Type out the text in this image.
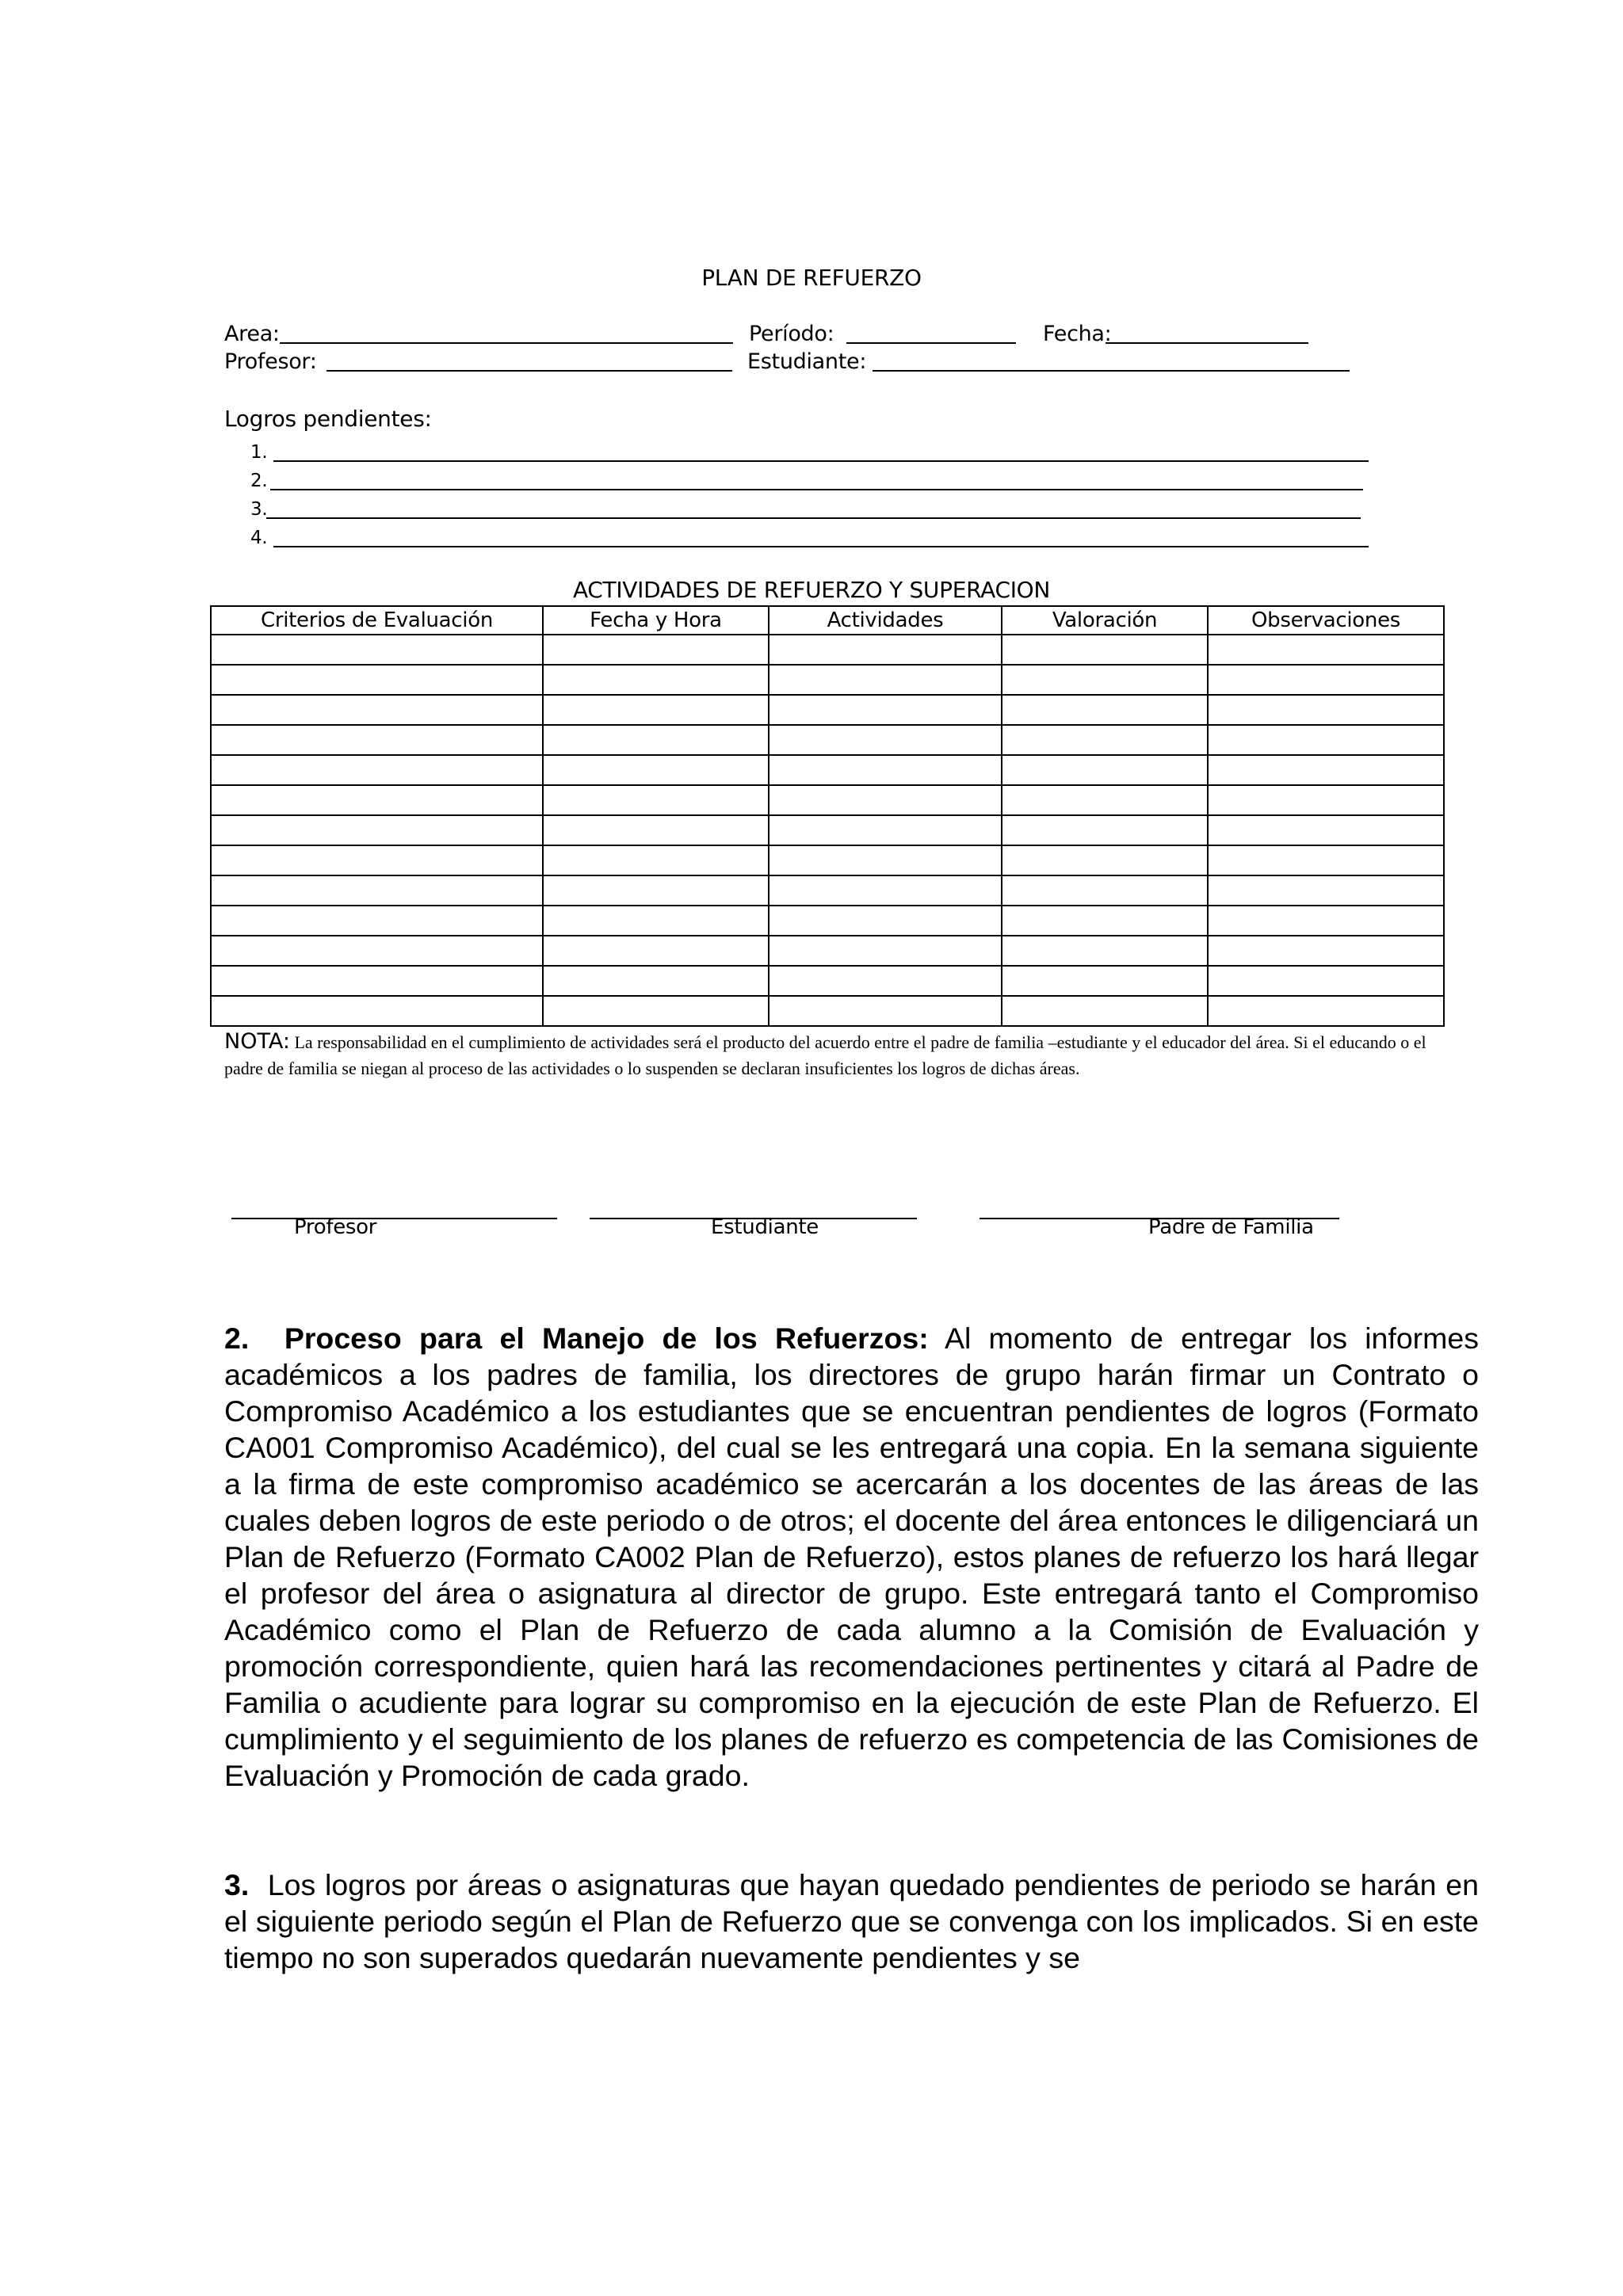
PLAN DE REFUERZO
Area:	Período:	Fecha:
Profesor:	Estudiante:
Logros pendientes:
1.
2.
3.
4.
ACTIVIDADES DE REFUERZO Y SUPERACION
Criterios de Evaluación	Fecha y Hora	Actividades	Valoración	Observaciones

NOTA: La responsabilidad en el cumplimiento de actividades será el producto del acuerdo entre el padre de familia –estudiante y el educador del área. Si el educando o el padre de familia se niegan al proceso de las actividades o lo suspenden se declaran insuficientes los logros de dichas áreas.
Profesor	Estudiante	Padre de Familia
2. Proceso para el Manejo de los Refuerzos: Al momento de entregar los informes académicos a los padres de familia, los directores de grupo harán firmar un Contrato o Compromiso Académico a los estudiantes que se encuentran pendientes de logros (Formato CA001 Compromiso Académico), del cual se les entregará una copia. En la semana siguiente a la firma de este compromiso académico se acercarán a los docentes de las áreas de las cuales deben logros de este periodo o de otros; el docente del área entonces le diligenciará un Plan de Refuerzo (Formato CA002 Plan de Refuerzo), estos planes de refuerzo los hará llegar el profesor del área o asignatura al director de grupo. Este entregará tanto el Compromiso Académico como el Plan de Refuerzo de cada alumno a la Comisión de Evaluación y promoción correspondiente, quien hará las recomendaciones pertinentes y citará al Padre de Familia o acudiente para lograr su compromiso en la ejecución de este Plan de Refuerzo. El cumplimiento y el seguimiento de los planes de refuerzo es competencia de las Comisiones de Evaluación y Promoción de cada grado.
3. Los logros por áreas o asignaturas que hayan quedado pendientes de periodo se harán en el siguiente periodo según el Plan de Refuerzo que se convenga con los implicados. Si en este tiempo no son superados quedarán nuevamente pendientes y se
